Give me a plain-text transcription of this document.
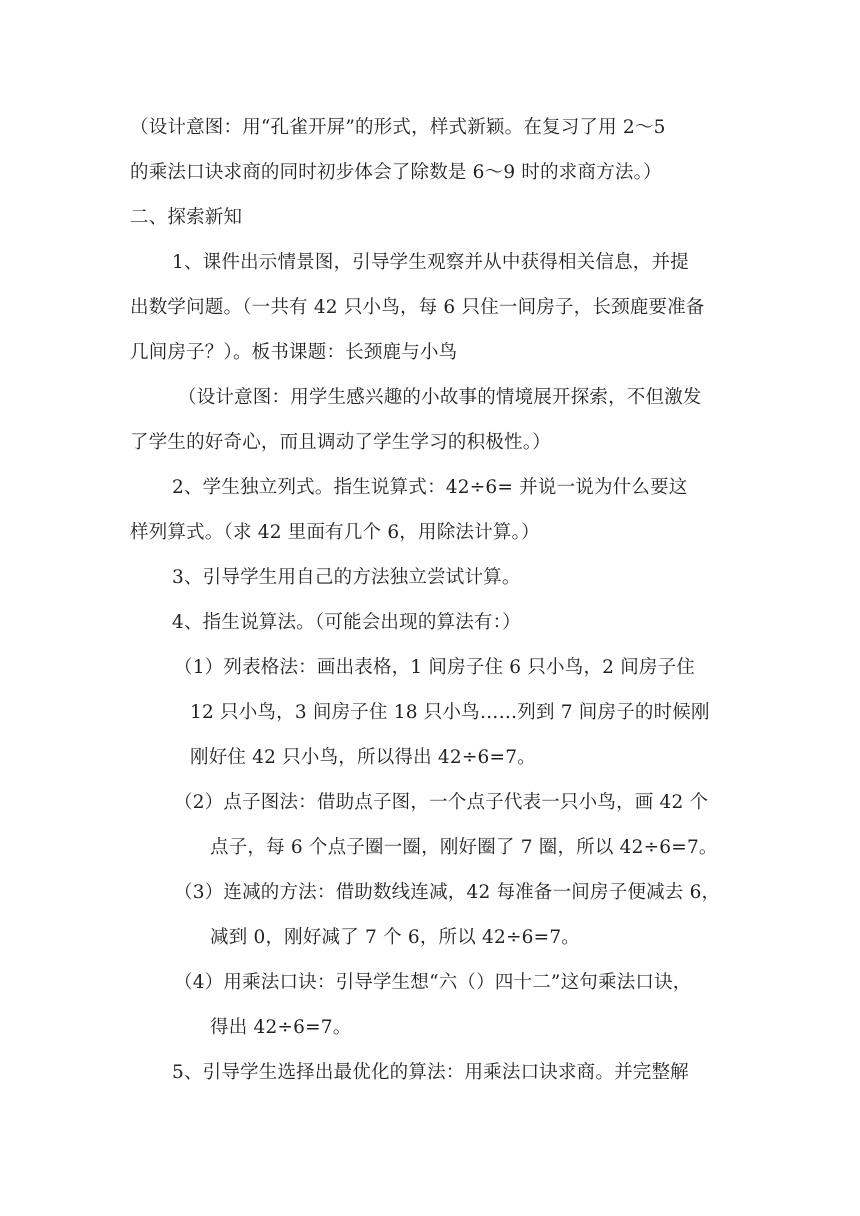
（设计意图：用“孔雀开屏”的形式，样式新颖。在复习了用 2～5
的乘法口诀求商的同时初步体会了除数是 6～9 时的求商方法。）
二、探索新知
1、课件出示情景图，引导学生观察并从中获得相关信息，并提
出数学问题。（一共有 42 只小鸟，每 6 只住一间房子，长颈鹿要准备
几间房子？）。板书课题：长颈鹿与小鸟
（设计意图：用学生感兴趣的小故事的情境展开探索，不但激发
了学生的好奇心，而且调动了学生学习的积极性。）
2、学生独立列式。指生说算式：42÷6= 并说一说为什么要这
样列算式。（求 42 里面有几个 6，用除法计算。）
3、引导学生用自己的方法独立尝试计算。
4、指生说算法。（可能会出现的算法有：）
（1）列表格法：画出表格，1 间房子住 6 只小鸟，2 间房子住
12 只小鸟，3 间房子住 18 只小鸟……列到 7 间房子的时候刚
刚好住 42 只小鸟，所以得出 42÷6=7。
（2）点子图法：借助点子图，一个点子代表一只小鸟，画 42 个
点子，每 6 个点子圈一圈，刚好圈了 7 圈，所以 42÷6=7。
（3）连减的方法：借助数线连减，42 每准备一间房子便减去 6，
减到 0，刚好减了 7 个 6，所以 42÷6=7。
（4）用乘法口诀：引导学生想“六（）四十二”这句乘法口诀，
得出 42÷6=7。
5、引导学生选择出最优化的算法：用乘法口诀求商。并完整解
